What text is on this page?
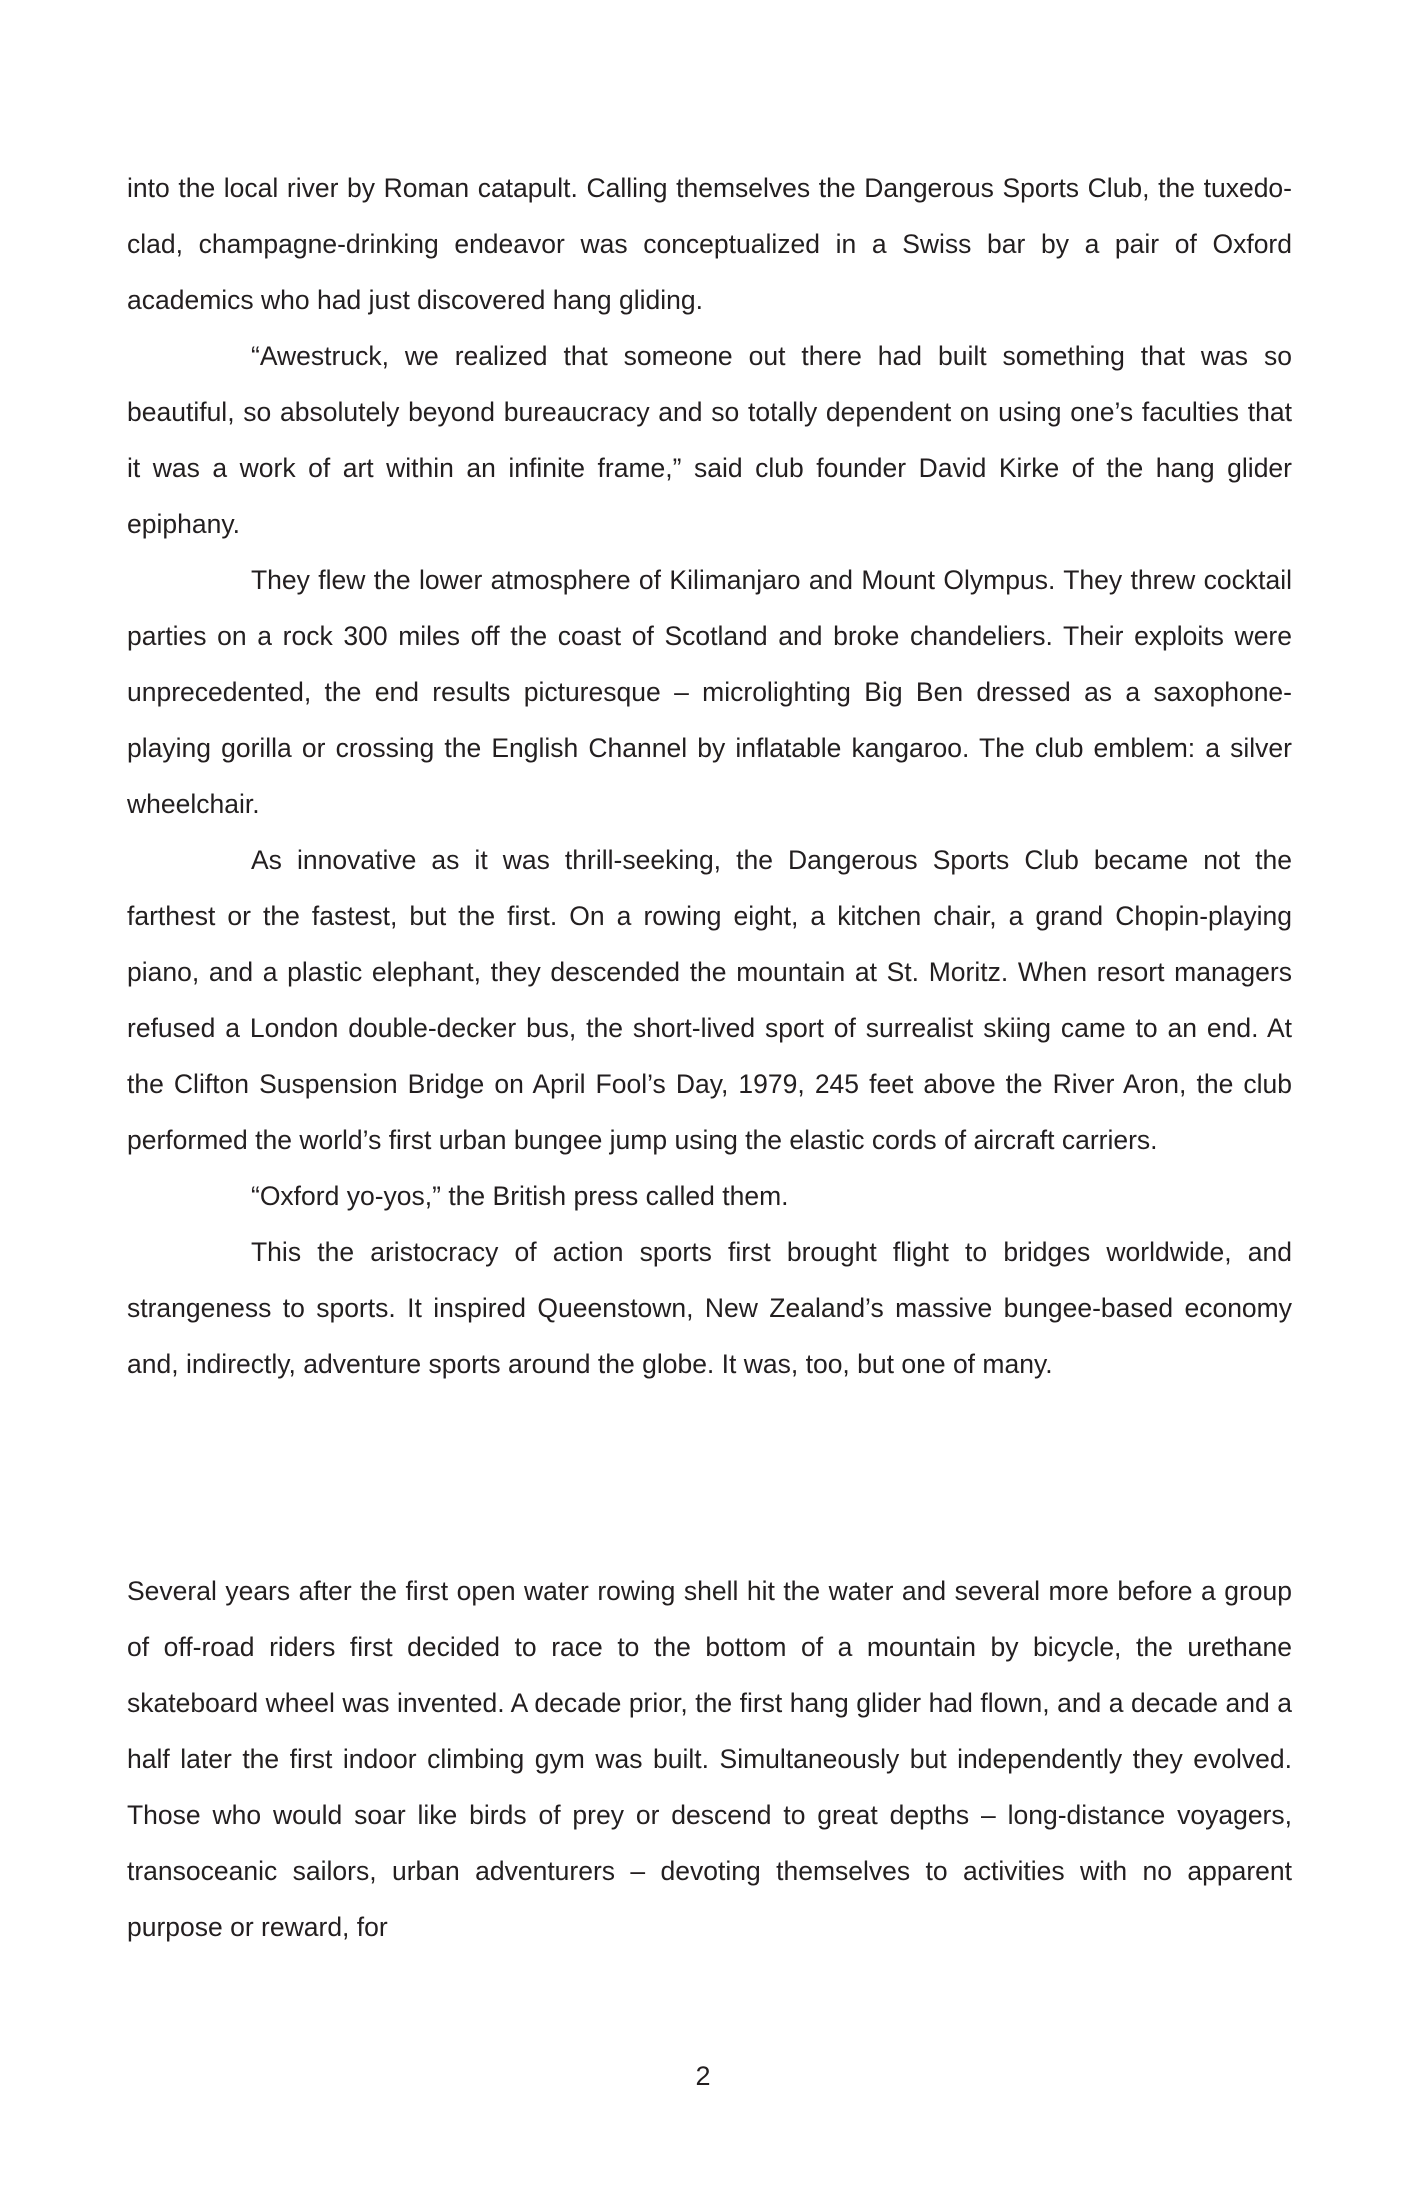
into the local river by Roman catapult. Calling themselves the Dangerous Sports Club, the tuxedo-clad, champagne-drinking endeavor was conceptualized in a Swiss bar by a pair of Oxford academics who had just discovered hang gliding.

“Awestruck, we realized that someone out there had built something that was so beautiful, so absolutely beyond bureaucracy and so totally dependent on using one’s faculties that it was a work of art within an infinite frame,” said club founder David Kirke of the hang glider epiphany.

They flew the lower atmosphere of Kilimanjaro and Mount Olympus. They threw cocktail parties on a rock 300 miles off the coast of Scotland and broke chandeliers. Their exploits were unprecedented, the end results picturesque – microlighting Big Ben dressed as a saxophone-playing gorilla or crossing the English Channel by inflatable kangaroo. The club emblem: a silver wheelchair.

As innovative as it was thrill-seeking, the Dangerous Sports Club became not the farthest or the fastest, but the first. On a rowing eight, a kitchen chair, a grand Chopin-playing piano, and a plastic elephant, they descended the mountain at St. Moritz. When resort managers refused a London double-decker bus, the short-lived sport of surrealist skiing came to an end. At the Clifton Suspension Bridge on April Fool’s Day, 1979, 245 feet above the River Aron, the club performed the world’s first urban bungee jump using the elastic cords of aircraft carriers.

“Oxford yo-yos,” the British press called them.

This the aristocracy of action sports first brought flight to bridges worldwide, and strangeness to sports. It inspired Queenstown, New Zealand’s massive bungee-based economy and, indirectly, adventure sports around the globe. It was, too, but one of many.

Several years after the first open water rowing shell hit the water and several more before a group of off-road riders first decided to race to the bottom of a mountain by bicycle, the urethane skateboard wheel was invented. A decade prior, the first hang glider had flown, and a decade and a half later the first indoor climbing gym was built. Simultaneously but independently they evolved. Those who would soar like birds of prey or descend to great depths – long-distance voyagers, transoceanic sailors, urban adventurers – devoting themselves to activities with no apparent purpose or reward, for

2
